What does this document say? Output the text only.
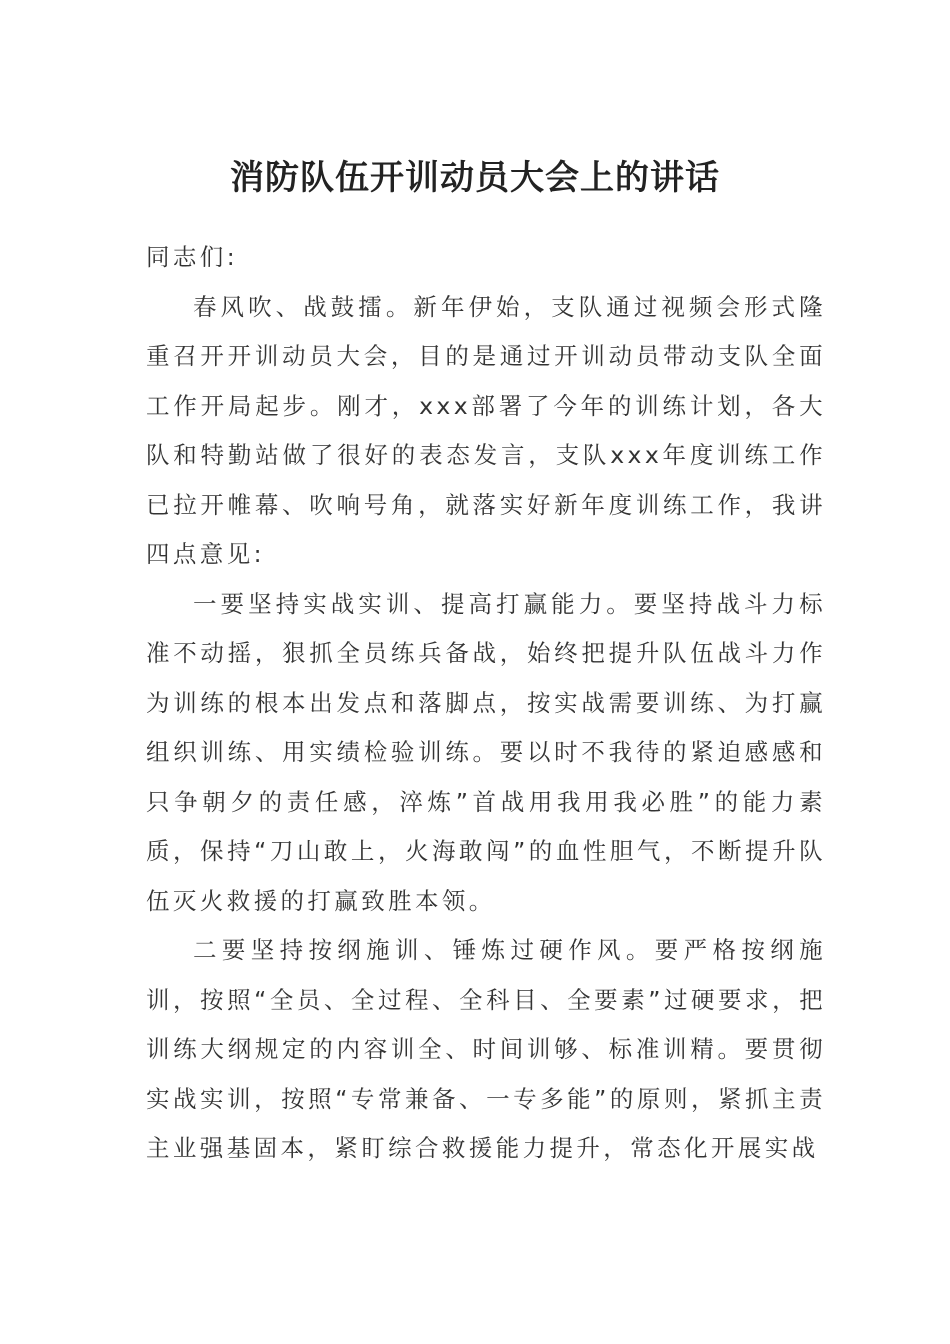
消防队伍开训动员大会上的讲话

同志们:

春风吹、战鼓擂。新年伊始，支队通过视频会形式隆重召开开训动员大会，目的是通过开训动员带动支队全面工作开局起步。刚才，xxx部署了今年的训练计划，各大队和特勤站做了很好的表态发言，支队xxx年度训练工作已拉开帷幕、吹响号角，就落实好新年度训练工作，我讲四点意见:

一要坚持实战实训、提高打赢能力。要坚持战斗力标准不动摇，狠抓全员练兵备战，始终把提升队伍战斗力作为训练的根本出发点和落脚点，按实战需要训练、为打赢组织训练、用实绩检验训练。要以时不我待的紧迫感感和只争朝夕的责任感，淬炼”首战用我用我必胜”的能力素质，保持“刀山敢上，火海敢闯”的血性胆气，不断提升队伍灭火救援的打赢致胜本领。

二要坚持按纲施训、锤炼过硬作风。要严格按纲施训，按照“全员、全过程、全科目、全要素”过硬要求，把训练大纲规定的内容训全、时间训够、标准训精。要贯彻实战实训，按照“专常兼备、一专多能”的原则，紧抓主责主业强基固本，紧盯综合救援能力提升，常态化开展实战
